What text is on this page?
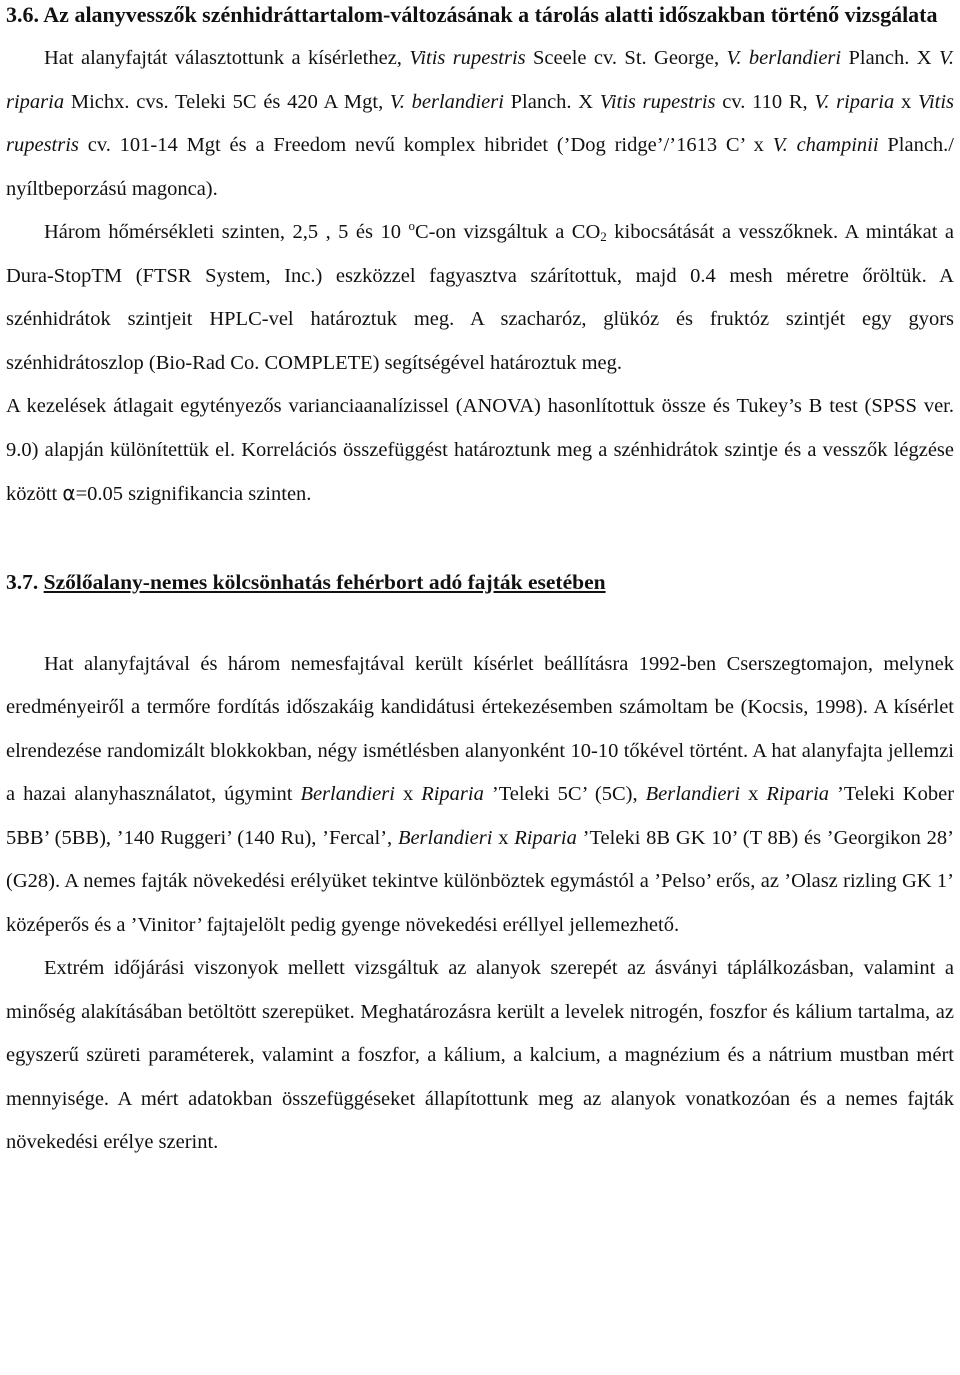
3.6. Az alanyvesszők szénhidráttartalom-változásának a tárolás alatti időszakban történő vizsgálata

Hat alanyfajtát választottunk a kísérlethez, Vitis rupestris Sceele cv. St. George, V. berlandieri Planch. X V. riparia Michx. cvs. Teleki 5C és 420 A Mgt, V. berlandieri Planch. X Vitis rupestris cv. 110 R, V. riparia x Vitis rupestris cv. 101-14 Mgt és a Freedom nevű komplex hibridet (’Dog ridge’/’1613 C’ x V. champinii Planch./ nyíltbeporzású magonca).

Három hőmérsékleti szinten, 2,5 , 5 és 10 $^o$C-on vizsgáltuk a $CO_2$ kibocsátását a vesszőknek. A mintákat a Dura-StopTM (FTSR System, Inc.) eszközzel fagyasztva szárítottuk, majd 0.4 mesh méretre őröltük. A szénhidrátok szintjeit HPLC-vel határoztuk meg. A szacharóz, glükóz és fruktóz szintjét egy gyors szénhidrátoszlop (Bio-Rad Co. COMPLETE) segítségével határoztuk meg.

A kezelések átlagait egytényezős varianciaanalízissel (ANOVA) hasonlítottuk össze és Tukey’s B test (SPSS ver. 9.0) alapján különítettük el. Korrelációs összefüggést határoztunk meg a szénhidrátok szintje és a vesszők légzése között α=0.05 szignifikancia szinten.

3.7. Szőlőalany-nemes kölcsönhatás fehérbort adó fajták esetében

Hat alanyfajtával és három nemesfajtával került kísérlet beállításra 1992-ben Cserszegtomajon, melynek eredményeiről a termőre fordítás időszakáig kandidátusi értekezésemben számoltam be (Kocsis, 1998). A kísérlet elrendezése randomizált blokkokban, négy ismétlésben alanyonként 10-10 tőkével történt. A hat alanyfajta jellemzi a hazai alanyhasználatot, úgymint Berlandieri x Riparia ’Teleki 5C’ (5C), Berlandieri x Riparia ’Teleki Kober 5BB’ (5BB), ’140 Ruggeri’ (140 Ru), ’Fercal’, Berlandieri x Riparia ’Teleki 8B GK 10’ (T 8B) és ’Georgikon 28’ (G28). A nemes fajták növekedési erélyüket tekintve különböztek egymástól a ’Pelso’ erős, az ’Olasz rizling GK 1’ középerős és a ’Vinitor’ fajtajelölt pedig gyenge növekedési eréllyel jellemezhető.

Extrém időjárási viszonyok mellett vizsgáltuk az alanyok szerepét az ásványi táplálkozásban, valamint a minőség alakításában betöltött szerepüket. Meghatározásra került a levelek nitrogén, foszfor és kálium tartalma, az egyszerű szüreti paraméterek, valamint a foszfor, a kálium, a kalcium, a magnézium és a nátrium mustban mért mennyisége. A mért adatokban összefüggéseket állapítottunk meg az alanyok vonatkozóan és a nemes fajták növekedési erélye szerint.
